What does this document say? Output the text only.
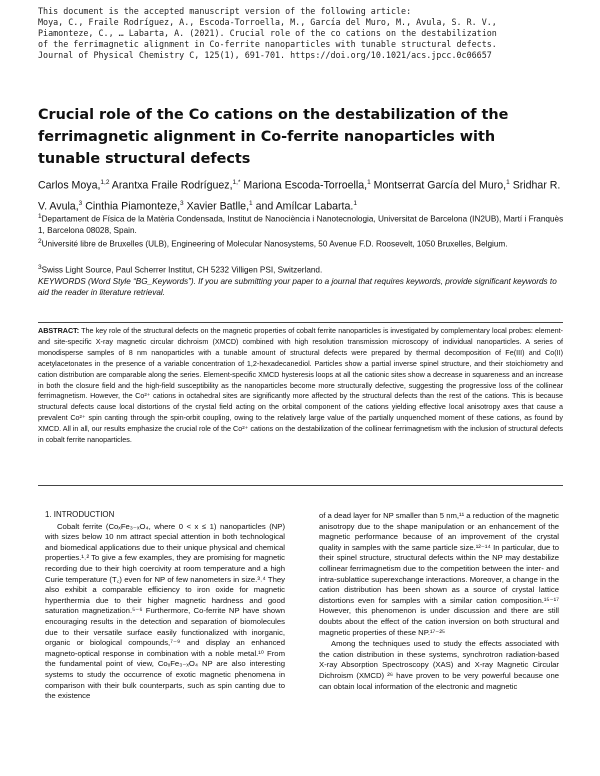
This document is the accepted manuscript version of the following article:
Moya, C., Fraile Rodríguez, A., Escoda-Torroella, M., García del Muro, M., Avula, S. R. V.,
Piamonteze, C., … Labarta, A. (2021). Crucial role of the co cations on the destabilization
of the ferrimagnetic alignment in Co-ferrite nanoparticles with tunable structural defects.
Journal of Physical Chemistry C, 125(1), 691-701. https://doi.org/10.1021/acs.jpcc.0c06657
Crucial role of the Co cations on the destabilization of the ferrimagnetic alignment in Co-ferrite nanoparticles with tunable structural defects
Carlos Moya,$^{1,2}$ Arantxa Fraile Rodríguez,$^{1,*}$ Mariona Escoda-Torroella,$^1$ Montserrat García del Muro,$^1$ Sridhar R. V. Avula,$^3$ Cinthia Piamonteze,$^3$ Xavier Batlle,$^1$ and Amílcar Labarta.$^1$
$^1$Departament de Física de la Matèria Condensada, Institut de Nanociència i Nanotecnologia, Universitat de Barcelona (IN2UB), Martí i Franquès 1, Barcelona 08028, Spain.
$^2$Université libre de Bruxelles (ULB), Engineering of Molecular Nanosystems, 50 Avenue F.D. Roosevelt, 1050 Bruxelles, Belgium.
$^3$Swiss Light Source, Paul Scherrer Institut, CH 5232 Villigen PSI, Switzerland.
KEYWORDS (Word Style “BG_Keywords”). If you are submitting your paper to a journal that requires keywords, provide significant keywords to aid the reader in literature retrieval.

ABSTRACT: The key role of the structural defects on the magnetic properties of cobalt ferrite nanoparticles is investigated by complementary local probes: element- and site-specific X-ray magnetic circular dichroism (XMCD) combined with high resolution transmission microscopy of individual nanoparticles. A series of monodisperse samples of 8 nm nanoparticles with a tunable amount of structural defects were prepared by thermal decomposition of Fe(III) and Co(II) acetylacetonates in the presence of a variable concentration of 1,2-hexadecanediol. Particles show a partial inverse spinel structure, and their stoichiometry and cation distribution are comparable along the series. Element-specific XMCD hysteresis loops at all the cationic sites show a decrease in squareness and an increase in both the closure field and the high-field susceptibility as the nanoparticles become more structurally defective, suggesting the progressive loss of the collinear ferrimagnetism. However, the Co²⁺ cations in octahedral sites are significantly more affected by the structural defects than the rest of the cations. This is because structural defects cause local distortions of the crystal field acting on the orbital component of the cations yielding effective local anisotropy axes that cause a prevalent Co²⁺ spin canting through the spin-orbit coupling, owing to the relatively large value of the partially unquenched moment of these cations, as found by XMCD. All in all, our results emphasize the crucial role of the Co²⁺ cations on the destabilization of the collinear ferrimagnetism with the inclusion of structural defects in cobalt ferrite nanoparticles.

1. INTRODUCTION

Cobalt ferrite (CoₓFe₃₋ₓO₄, where 0 < x ≤ 1) nanoparticles (NP) with sizes below 10 nm attract special attention in both technological and biomedical applications due to their unique physical and chemical properties.¹˒² To give a few examples, they are promising for magnetic recording due to their high coercivity at room temperature and a high Curie temperature (T꜀) even for NP of few nanometers in size.³˒⁴ They also exhibit a comparable efficiency to iron oxide for magnetic hyperthermia due to their higher magnetic hardness and good saturation magnetization.⁵⁻⁶ Furthermore, Co-ferrite NP have shown encouraging results in the detection and separation of biomolecules due to their versatile surface easily functionalized with inorganic, organic or biological compounds,⁷⁻⁹ and display an enhanced magneto-optical response in combination with a noble metal.¹⁰ From the fundamental point of view, CoₓFe₃₋ₓO₄ NP are also interesting systems to study the occurrence of exotic magnetic phenomena in comparison with their bulk counterparts, such as spin canting due to the existence

of a dead layer for NP smaller than 5 nm,¹¹ a reduction of the magnetic anisotropy due to the shape manipulation or an enhancement of the magnetic performance because of an improvement of the crystal quality in samples with the same particle size.¹²⁻¹⁴ In particular, due to their spinel structure, structural defects within the NP may destabilize collinear ferrimagnetism due to the competition between the inter- and intra-sublattice superexchange interactions. Moreover, a change in the cation distribution has been shown as a source of crystal lattice distortions even for samples with a similar cation composition.¹⁵⁻¹⁷ However, this phenomenon is under discussion and there are still doubts about the effect of the cation inversion on both structural and magnetic properties of these NP.¹⁷⁻²⁵

Among the techniques used to study the effects associated with the cation distribution in these systems, synchrotron radiation-based X-ray Absorption Spectroscopy (XAS) and X-ray Magnetic Circular Dichroism (XMCD) ²⁶ have proven to be very powerful because one can obtain local information of the electronic and magnetic
